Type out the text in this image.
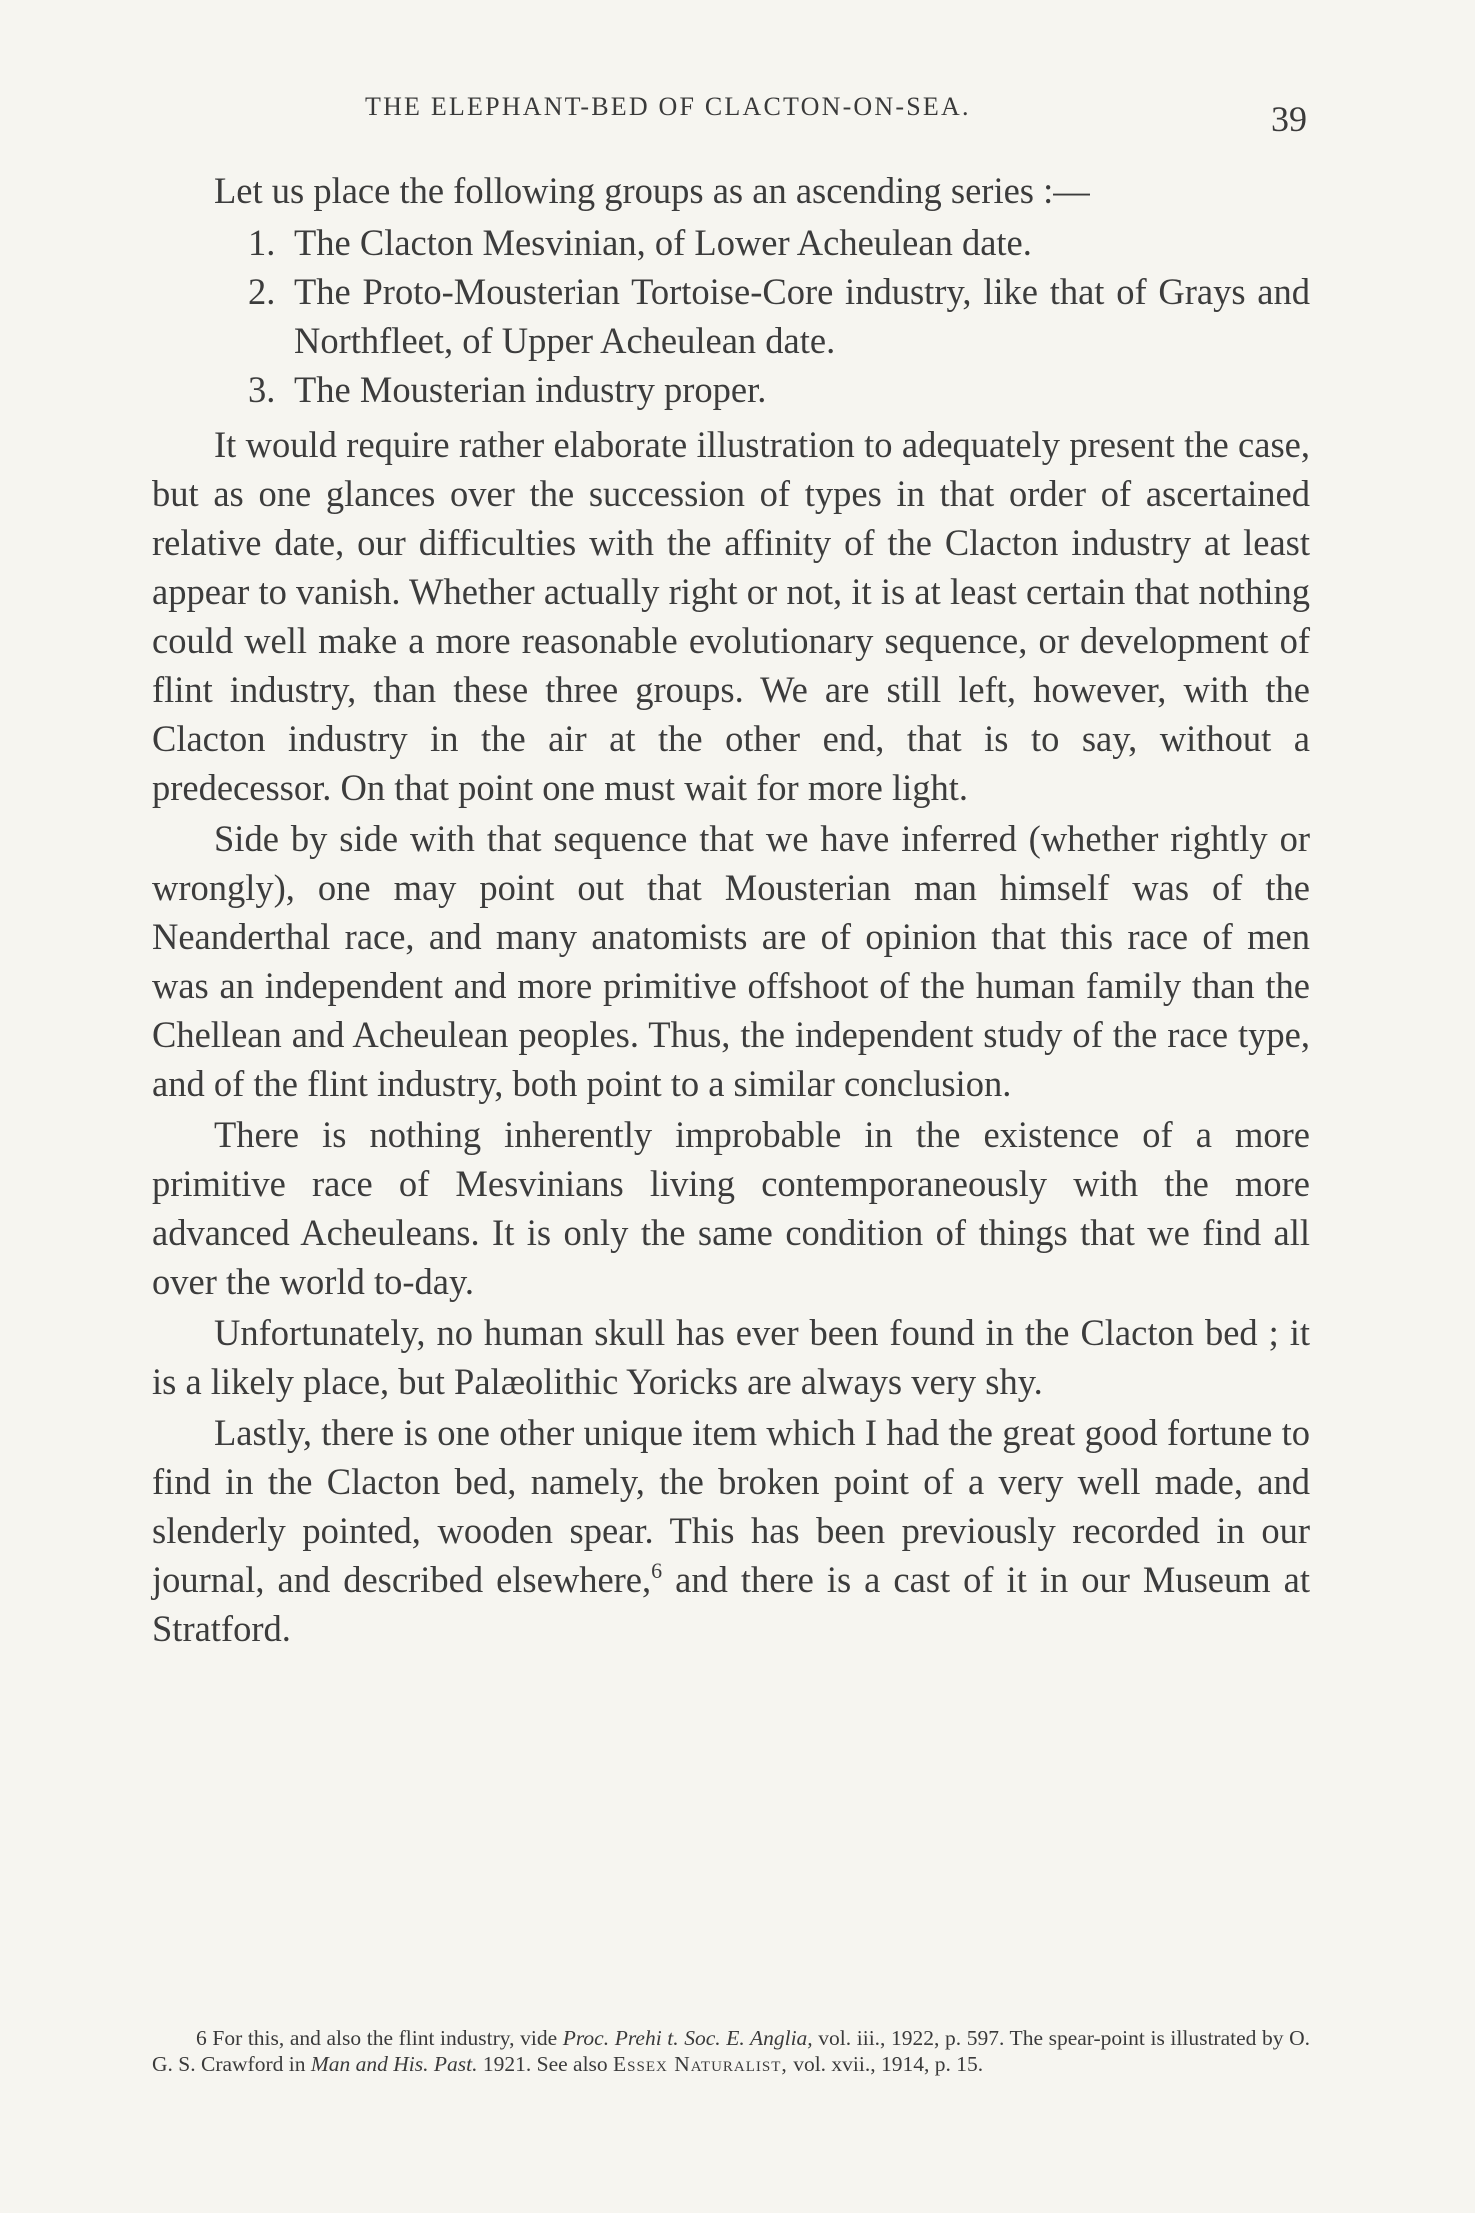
THE ELEPHANT-BED OF CLACTON-ON-SEA.	39

Let us place the following groups as an ascending series :—

1. The Clacton Mesvinian, of Lower Acheulean date.
2. The Proto-Mousterian Tortoise-Core industry, like that of Grays and Northfleet, of Upper Acheulean date.
3. The Mousterian industry proper.

It would require rather elaborate illustration to adequately present the case, but as one glances over the succession of types in that order of ascertained relative date, our difficulties with the affinity of the Clacton industry at least appear to vanish. Whether actually right or not, it is at least certain that nothing could well make a more reasonable evolutionary sequence, or development of flint industry, than these three groups. We are still left, however, with the Clacton industry in the air at the other end, that is to say, without a predecessor. On that point one must wait for more light.

Side by side with that sequence that we have inferred (whether rightly or wrongly), one may point out that Mousterian man himself was of the Neanderthal race, and many anatomists are of opinion that this race of men was an independent and more primitive offshoot of the human family than the Chellean and Acheulean peoples. Thus, the independent study of the race type, and of the flint industry, both point to a similar conclusion.

There is nothing inherently improbable in the existence of a more primitive race of Mesvinians living contemporaneously with the more advanced Acheuleans. It is only the same condition of things that we find all over the world to-day.

Unfortunately, no human skull has ever been found in the Clacton bed ; it is a likely place, but Palæolithic Yoricks are always very shy.

Lastly, there is one other unique item which I had the great good fortune to find in the Clacton bed, namely, the broken point of a very well made, and slenderly pointed, wooden spear. This has been previously recorded in our journal, and described elsewhere,$^6$ and there is a cast of it in our Museum at Stratford.

6 For this, and also the flint industry, vide Proc. Prehi t. Soc. E. Anglia, vol. iii., 1922, p. 597. The spear-point is illustrated by O. G. S. Crawford in Man and His. Past. 1921. See also Essex Naturalist, vol. xvii., 1914, p. 15.
